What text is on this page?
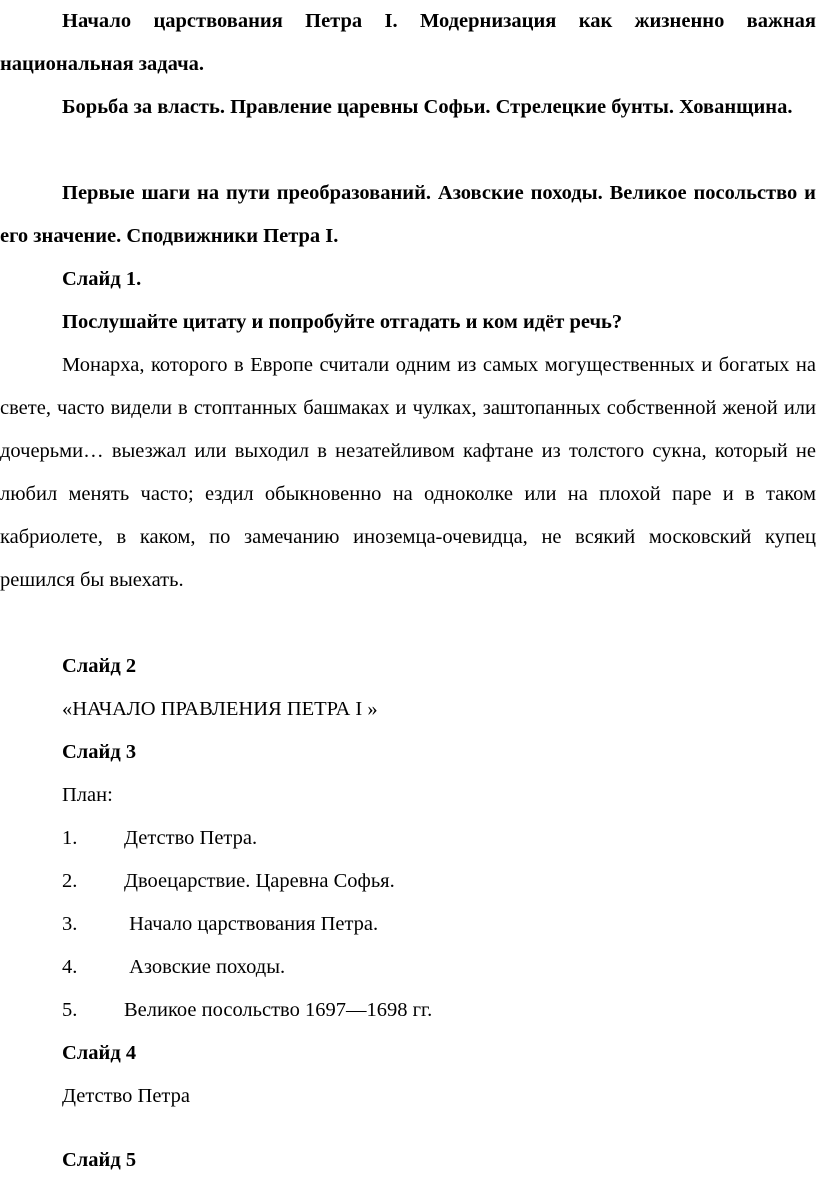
Начало царствования Петра I. Модернизация как жизненно важная национальная задача.

Борьба за власть. Правление царевны Софьи. Стрелецкие бунты. Хованщина.

Первые шаги на пути преобразований. Азовские походы. Великое посольство и его значение. Сподвижники Петра I.

Слайд 1.

Послушайте цитату и попробуйте отгадать и ком идёт речь?

Монарха, которого в Европе считали одним из самых могущественных и богатых на свете, часто видели в стоптанных башмаках и чулках, заштопанных собственной женой или дочерьми… выезжал или выходил в незатейливом кафтане из толстого сукна, который не любил менять часто; ездил обыкновенно на одноколке или на плохой паре и в таком кабриолете, в каком, по замечанию иноземца-очевидца, не всякий московский купец решился бы выехать.

Слайд 2

«НАЧАЛО ПРАВЛЕНИЯ ПЕТРА I »

Слайд 3

План:

1. Детство Петра.

2. Двоецарствие. Царевна Софья.

3. Начало царствования Петра.

4. Азовские походы.

5. Великое посольство 1697—1698 гг.

Слайд 4

Детство Петра

Слайд 5
